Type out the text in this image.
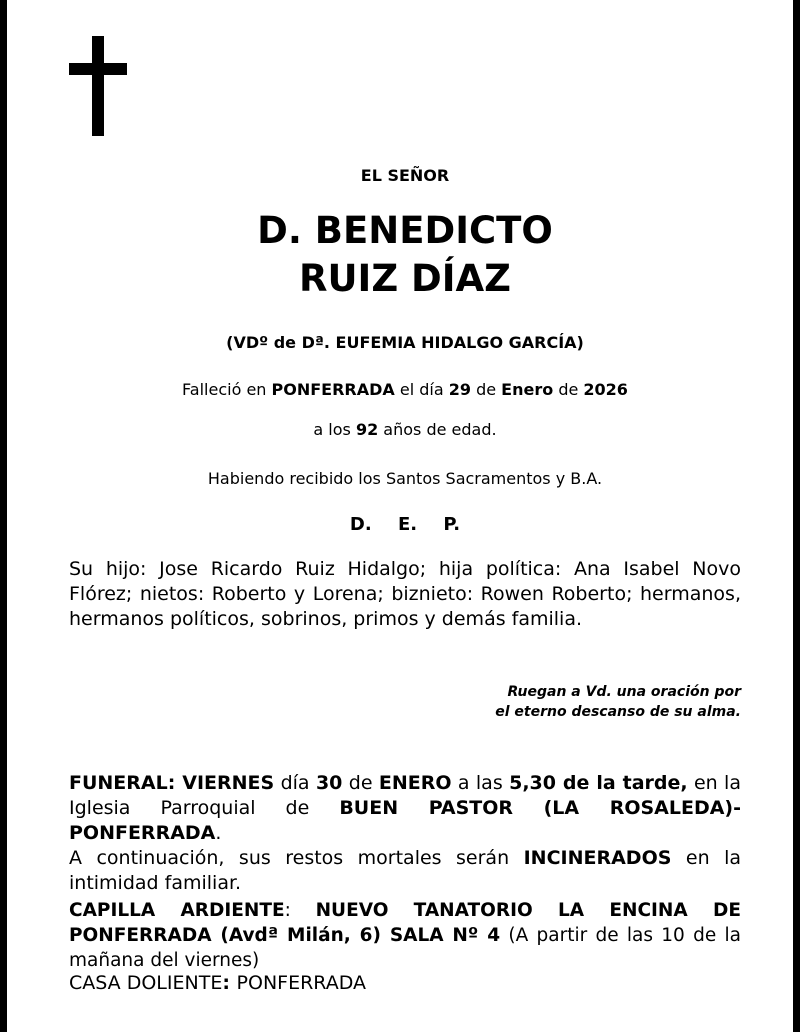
EL SEÑOR
D. BENEDICTO
RUIZ DÍAZ
(VDº de Dª. EUFEMIA HIDALGO GARCÍA)
Falleció en PONFERRADA el día 29 de Enero de 2026
a los 92 años de edad.
Habiendo recibido los Santos Sacramentos y B.A.
D. E. P.
Su hijo: Jose Ricardo Ruiz Hidalgo; hija política: Ana Isabel Novo Flórez; nietos: Roberto y Lorena; biznieto: Rowen Roberto; hermanos, hermanos políticos, sobrinos, primos y demás familia.
Ruegan a Vd. una oración por
el eterno descanso de su alma.
FUNERAL: VIERNES día 30 de ENERO a las 5,30 de la tarde, en la Iglesia Parroquial de BUEN PASTOR (LA ROSALEDA)-PONFERRADA.
A continuación, sus restos mortales serán INCINERADOS en la intimidad familiar.
CAPILLA ARDIENTE: NUEVO TANATORIO LA ENCINA DE PONFERRADA (Avdª Milán, 6) SALA Nº 4 (A partir de las 10 de la mañana del viernes)
CASA DOLIENTE: PONFERRADA
